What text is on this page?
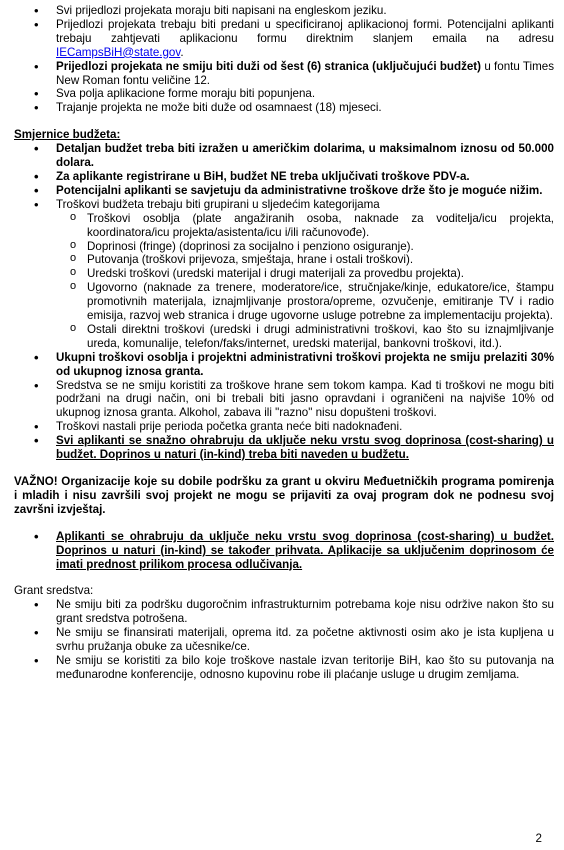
• Svi prijedlozi projekata moraju biti napisani na engleskom jeziku.
• Prijedlozi projekata trebaju biti predani u specificiranoj aplikacionoj formi. Potencijalni aplikanti trebaju zahtjevati aplikacionu formu direktnim slanjem emaila na adresu IECampsBiH@state.gov.
• Prijedlozi projekata ne smiju biti duži od šest (6) stranica (uključujući budžet) u fontu Times New Roman fontu veličine 12.
• Sva polja aplikacione forme moraju biti popunjena.
• Trajanje projekta ne može biti duže od osamnaest (18) mjeseci.
Smjernice budžeta:
• Detaljan budžet treba biti izražen u američkim dolarima, u maksimalnom iznosu od 50.000 dolara.
• Za aplikante registrirane u BiH, budžet NE treba uključivati troškove PDV-a.
• Potencijalni aplikanti se savjetuju da administrativne troškove drže što je moguće nižim.
• Troškovi budžeta trebaju biti grupirani u sljedećim kategorijama
o Troškovi osoblja (plate angažiranih osoba, naknade za voditelja/icu projekta, koordinatora/icu projekta/asistenta/icu i/ili računovođe).
o Doprinosi (fringe) (doprinosi za socijalno i penziono osiguranje).
o Putovanja (troškovi prijevoza, smještaja, hrane i ostali troškovi).
o Uredski troškovi (uredski materijal i drugi materijali za provedbu projekta).
o Ugovorno (naknade za trenere, moderatore/ice, stručnjake/kinje, edukatore/ice, štampu promotivnih materijala, iznajmljivanje prostora/opreme, ozvučenje, emitiranje TV i radio emisija, razvoj web stranica i druge ugovorne usluge potrebne za implementaciju projekta).
o Ostali direktni troškovi (uredski i drugi administrativni troškovi, kao što su iznajmljivanje ureda, komunalije, telefon/faks/internet, uredski materijal, bankovni troškovi, itd.).
• Ukupni troškovi osoblja i projektni administrativni troškovi projekta ne smiju prelaziti 30% od ukupnog iznosa granta.
• Sredstva se ne smiju koristiti za troškove hrane sem tokom kampa. Kad ti troškovi ne mogu biti podržani na drugi način, oni bi trebali biti jasno opravdani i ograničeni na najviše 10% od ukupnog iznosa granta. Alkohol, zabava ili "razno" nisu dopušteni troškovi.
• Troškovi nastali prije perioda početka granta neće biti nadoknađeni.
• Svi aplikanti se snažno ohrabruju da uključe neku vrstu svog doprinosa (cost-sharing) u budžet. Doprinos u naturi (in-kind) treba biti naveden u budžetu.
VAŽNO! Organizacije koje su dobile podršku za grant u okviru Međuetničkih programa pomirenja i mladih i nisu završili svoj projekt ne mogu se prijaviti za ovaj program dok ne podnesu svoj završni izvještaj.
• Aplikanti se ohrabruju da uključe neku vrstu svog doprinosa (cost-sharing) u budžet. Doprinos u naturi (in-kind) se također prihvata. Aplikacije sa uključenim doprinosom će imati prednost prilikom procesa odlučivanja.
Grant sredstva:
• Ne smiju biti za podršku dugoročnim infrastrukturnim potrebama koje nisu održive nakon što su grant sredstva potrošena.
• Ne smiju se finansirati materijali, oprema itd. za početne aktivnosti osim ako je ista kupljena u svrhu pružanja obuke za učesnike/ce.
• Ne smiju se koristiti za bilo koje troškove nastale izvan teritorije BiH, kao što su putovanja na međunarodne konferencije, odnosno kupovinu robe ili plaćanje usluge u drugim zemljama.
2
